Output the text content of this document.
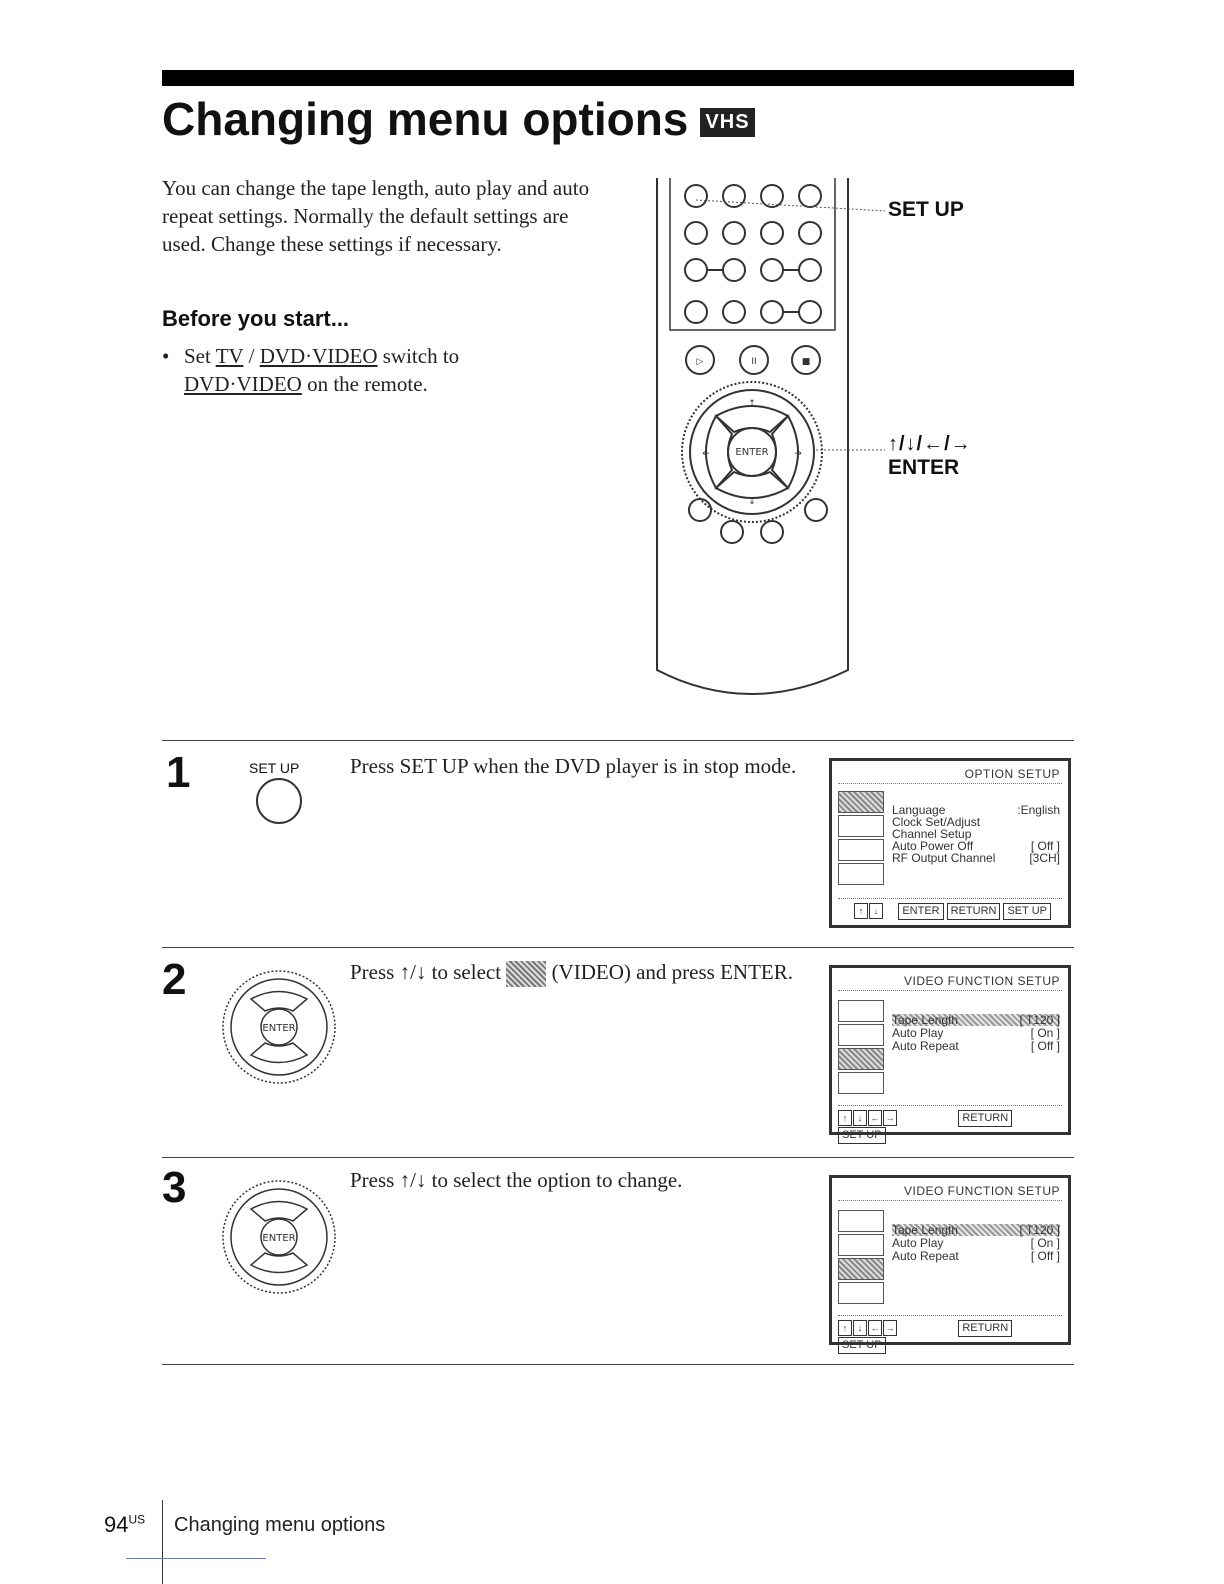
Changing menu options VHS
You can change the tape length, auto play and auto repeat settings. Normally the default settings are used. Change these settings if necessary.
Before you start...
• Set TV / DVD·VIDEO switch to
DVD·VIDEO on the remote.
▷	II	■
↑
↓
←	→
ENTER
SET UP
↑/↓/←/→
ENTER
1	SET UP Press SET UP when the DVD player is in stop mode.	OPTION SETUP
Language	:English
Clock Set/Adjust
Channel Setup
Auto Power Off	[ Off ]
RF Output Channel	[3CH]
↑ ↓ ENTER RETURN SET UP
2
ENTER
Press ↑/↓ to select (VIDEO) and press ENTER.	VIDEO FUNCTION SETUP
Tape Length	[ T120 ]
Auto Play	[ On ]
Auto Repeat	[ Off ]
↑ ↓ ← →	RETURNSET UP
3
ENTER
Press ↑/↓ to select the option to change.	VIDEO FUNCTION SETUP
Tape Length	[ T120 ]
Auto Play	[ On ]
Auto Repeat	[ Off ]
↑ ↓ ← →	RETURNSET UP
$94^{US}$ Changing menu options
